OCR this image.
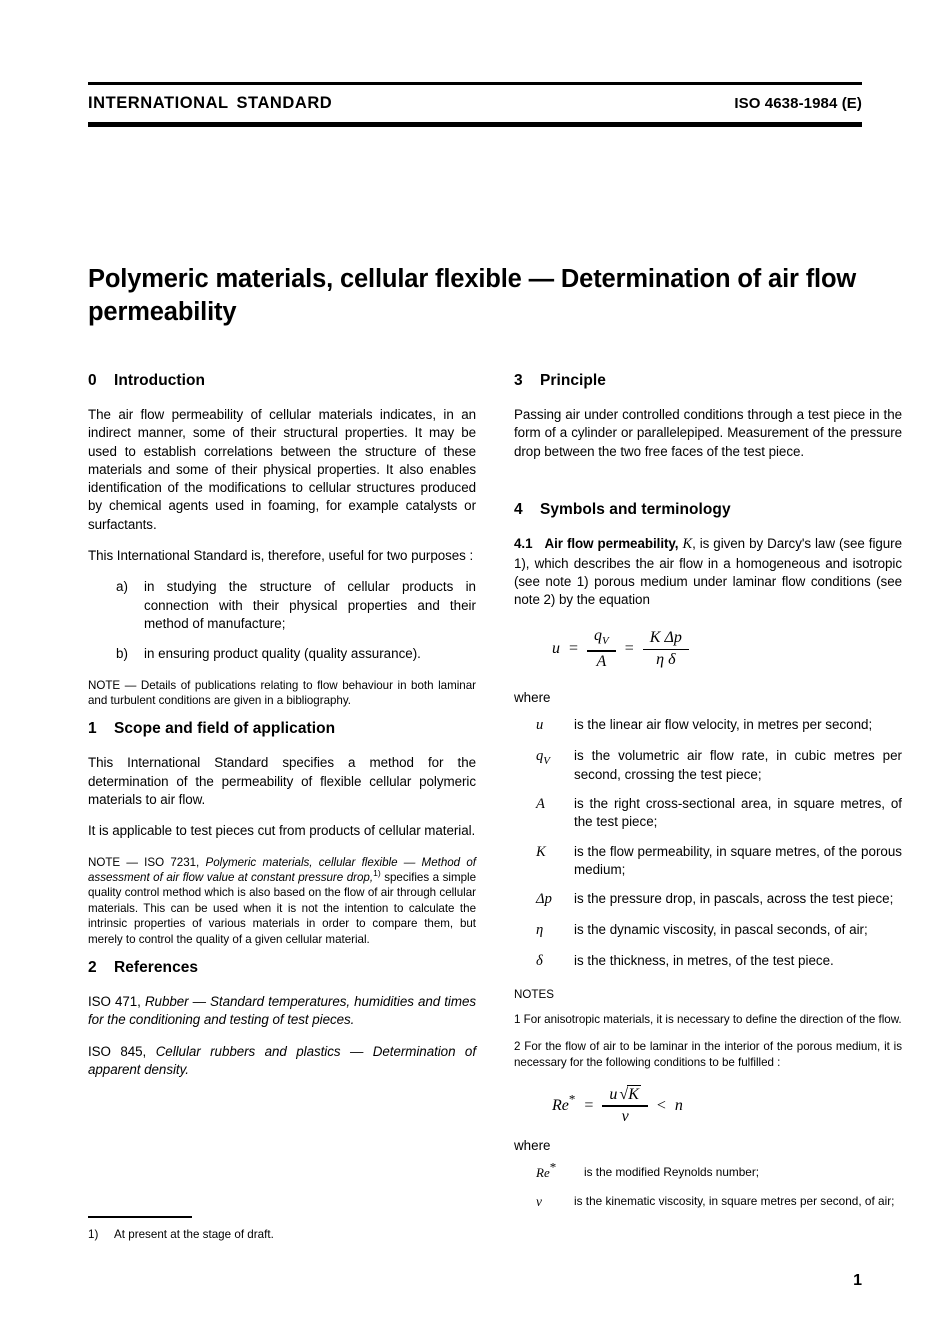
INTERNATIONAL STANDARD	ISO 4638-1984 (E)
Polymeric materials, cellular flexible — Determination of air flow permeability
0 Introduction

The air flow permeability of cellular materials indicates, in an indirect manner, some of their structural properties. It may be used to establish correlations between the structure of these materials and some of their physical properties. It also enables identification of the modifications to cellular structures produced by chemical agents used in foaming, for example catalysts or surfactants.

This International Standard is, therefore, useful for two purposes :

a) in studying the structure of cellular products in connection with their physical properties and their method of manufacture;

b) in ensuring product quality (quality assurance).

NOTE — Details of publications relating to flow behaviour in both laminar and turbulent conditions are given in a bibliography.

1 Scope and field of application

This International Standard specifies a method for the determination of the permeability of flexible cellular polymeric materials to air flow.

It is applicable to test pieces cut from products of cellular material.

NOTE — ISO 7231, Polymeric materials, cellular flexible — Method of assessment of air flow value at constant pressure drop,$^{1)}$ specifies a simple quality control method which is also based on the flow of air through cellular materials. This can be used when it is not the intention to calculate the intrinsic properties of various materials in order to compare them, but merely to control the quality of a given cellular material.

2 References

ISO 471, Rubber — Standard temperatures, humidities and times for the conditioning and testing of test pieces.

ISO 845, Cellular rubbers and plastics — Determination of apparent density.

3 Principle

Passing air under controlled conditions through a test piece in the form of a cylinder or parallelepiped. Measurement of the pressure drop between the two free faces of the test piece.

4 Symbols and terminology

4.1 Air flow permeability, K, is given by Darcy's law (see figure 1), which describes the air flow in a homogeneous and isotropic (see note 1) porous medium under laminar flow conditions (see note 2) by the equation

$u = \frac{q_V}{A} = \frac{\text{K Δp}}{\text{η δ}}$
where
u	is the linear air flow velocity, in metres per second;
$q_V$	is the volumetric air flow rate, in cubic metres per second, crossing the test piece;
A	is the right cross-sectional area, in square metres, of the test piece;
K	is the flow permeability, in square metres, of the porous medium;
Δp	is the pressure drop, in pascals, across the test piece;
η	is the dynamic viscosity, in pascal seconds, of air;
δ	is the thickness, in metres, of the test piece.
NOTES

1 For anisotropic materials, it is necessary to define the direction of the flow.

2 For the flow of air to be laminar in the interior of the porous medium, it is necessary for the following conditions to be fulfilled :

$Re^* = \frac{u √K}{\nu} < n$
where
Re*	is the modified Reynolds number;
ν	is the kinematic viscosity, in square metres per second, of air;
1) At present at the stage of draft.
1
